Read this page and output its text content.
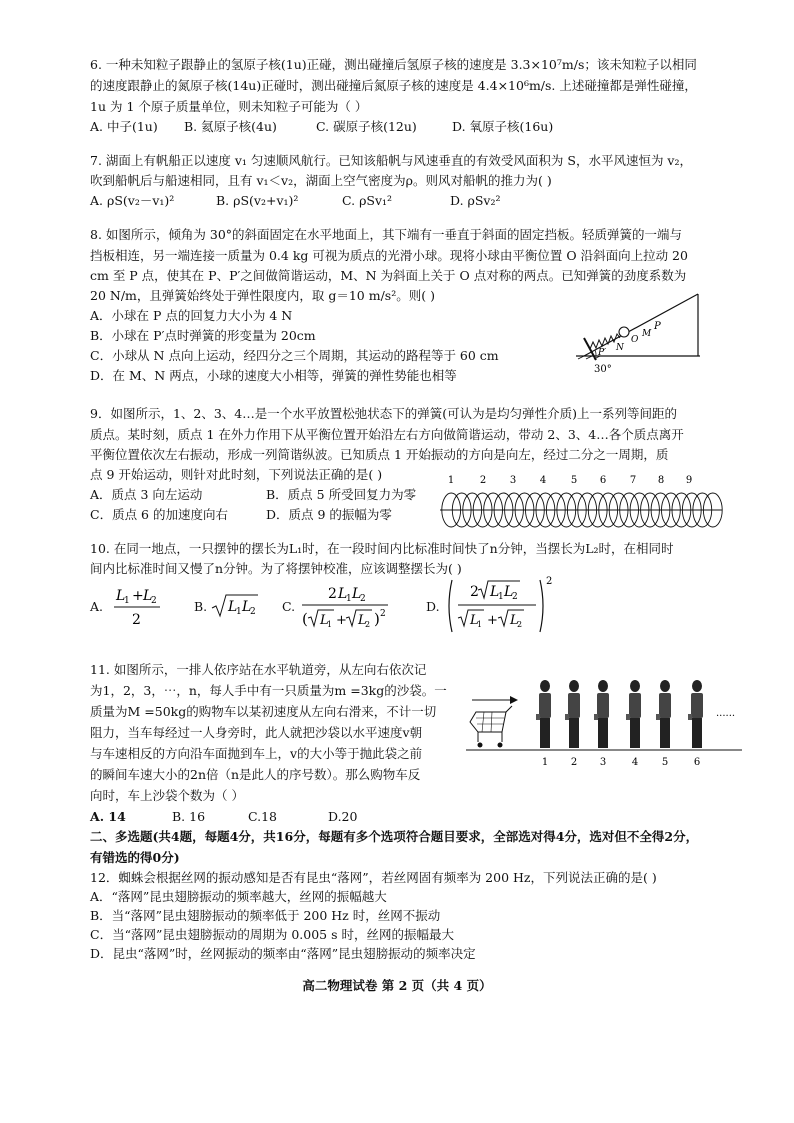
6. 一种未知粒子跟静止的氢原子核(1u)正碰，测出碰撞后氢原子核的速度是 3.3×10⁷m/s；该未知粒子以相同
的速度跟静止的氮原子核(14u)正碰时，测出碰撞后氮原子核的速度是 4.4×10⁶m/s. 上述碰撞都是弹性碰撞，
1u 为 1 个原子质量单位，则未知粒子可能为（ ）
A. 中子(1u) B. 氦原子核(4u)	C. 碳原子核(12u)	D. 氧原子核(16u)
7. 湖面上有帆船正以速度 v₁ 匀速顺风航行。已知该船帆与风速垂直的有效受风面积为 S，水平风速恒为 v₂，
吹到船帆后与船速相同，且有 v₁＜v₂，湖面上空气密度为ρ。则风对船帆的推力为( )
A. ρS(v₂－v₁)²	B. ρS(v₂+v₁)²	C. ρSv₁²	D. ρSv₂²
8. 如图所示，倾角为 30°的斜面固定在水平地面上，其下端有一垂直于斜面的固定挡板。轻质弹簧的一端与
挡板相连，另一端连接一质量为 0.4 kg 可视为质点的光滑小球。现将小球由平衡位置 O 沿斜面向上拉动 20
cm 至 P 点，使其在 P、P′之间做简谐运动，M、N 为斜面上关于 O 点对称的两点。已知弹簧的劲度系数为
20 N/m，且弹簧始终处于弹性限度内，取 g＝10 m/s²。则( )
A．小球在 P 点的回复力大小为 4 N
B．小球在 P′点时弹簧的形变量为 20cm
C．小球从 N 点向上运动，经四分之三个周期，其运动的路程等于 60 cm
D．在 M、N 两点，小球的速度大小相等，弹簧的弹性势能也相等
P′ N
O
M
P
30°
9．如图所示，1、2、3、4…是一个水平放置松弛状态下的弹簧(可认为是均匀弹性介质)上一系列等间距的
质点。某时刻，质点 1 在外力作用下从平衡位置开始沿左右方向做简谐运动，带动 2、3、4…各个质点离开
平衡位置依次左右振动，形成一列简谐纵波。已知质点 1 开始振动的方向是向左，经过二分之一周期，质
点 9 开始运动，则针对此时刻，下列说法正确的是( )
A．质点 3 向左运动	B．质点 5 所受回复力为零
C．质点 6 的加速度向右	D．质点 9 的振幅为零
1	2 3 4 5 6 7 8 9
10. 在同一地点，一只摆钟的摆长为L₁时，在一段时间内比标准时间快了n分钟，当摆长为L₂时，在相同时
间内比标准时间又慢了n分钟。为了将摆钟校准，应该调整摆长为( )
A.
L
1 + L
2
2
B. L
1 L
2 C.
2 L
1 L
2
( L
1 + L
2 ) 2	D.
2 L
1 L
2
L
1 + L
2
2
11. 如图所示，一排人依序站在水平轨道旁，从左向右依次记
为1，2，3，⋯，n，每人手中有一只质量为m =3kg的沙袋。一
质量为M =50kg的购物车以某初速度从左向右滑来，不计一切
阻力，当车每经过一人身旁时，此人就把沙袋以水平速度v朝
与车速相反的方向沿车面抛到车上，v的大小等于抛此袋之前
的瞬间车速大小的2n倍（n是此人的序号数）。那么购物车反
向时，车上沙袋个数为（ ）
A. 14	B. 16	C.18	D.20
......
1 2 3	4 5	6
二、多选题(共4题，每题4分，共16分，每题有多个选项符合题目要求，全部选对得4分，选对但不全得2分，
有错选的得0分)
12．蜘蛛会根据丝网的振动感知是否有昆虫“落网”，若丝网固有频率为 200 Hz，下列说法正确的是( )
A．“落网”昆虫翅膀振动的频率越大，丝网的振幅越大
B．当“落网”昆虫翅膀振动的频率低于 200 Hz 时，丝网不振动
C．当“落网”昆虫翅膀振动的周期为 0.005 s 时，丝网的振幅最大
D．昆虫“落网”时，丝网振动的频率由“落网”昆虫翅膀振动的频率决定
高二物理试卷 第 2 页（共 4 页）
